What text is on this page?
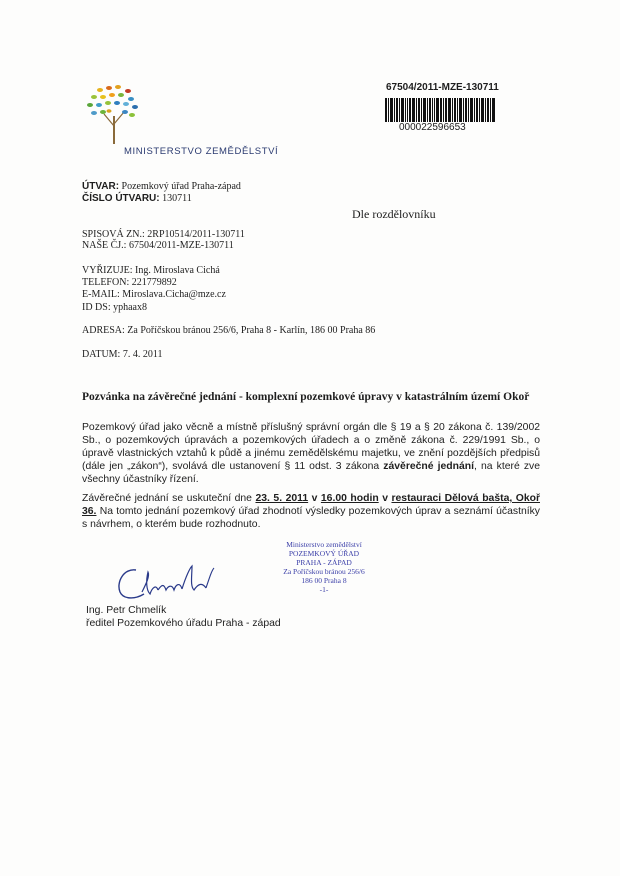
MINISTERSTVO ZEMĚDĚLSTVÍ
67504/2011-MZE-130711
000022596653
ÚTVAR: Pozemkový úřad Praha-západ
ČÍSLO ÚTVARU: 130711
Dle rozdělovníku
SPISOVÁ ZN.: 2RP10514/2011-130711
NAŠE ČJ.: 67504/2011-MZE-130711
VYŘIZUJE: Ing. Miroslava Cichá
TELEFON: 221779892
E-MAIL: Miroslava.Cicha@mze.cz
ID DS: yphaax8
ADRESA: Za Poříčskou bránou 256/6, Praha 8 - Karlín, 186 00 Praha 86
DATUM: 7. 4. 2011
Pozvánka na závěrečné jednání - komplexní pozemkové úpravy v katastrálním území Okoř
Pozemkový úřad jako věcně a místně příslušný správní orgán dle § 19 a § 20 zákona č. 139/2002 Sb., o pozemkových úpravách a pozemkových úřadech a o změně zákona č. 229/1991 Sb., o úpravě vlastnických vztahů k půdě a jinému zemědělskému majetku, ve znění pozdějších předpisů (dále jen „zákon“), svolává dle ustanovení § 11 odst. 3 zákona závěrečné jednání, na které zve všechny účastníky řízení.
Závěrečné jednání se uskuteční dne 23. 5. 2011 v 16.00 hodin v restauraci Dělová bašta, Okoř 36. Na tomto jednání pozemkový úřad zhodnotí výsledky pozemkových úprav a seznámí účastníky s návrhem, o kterém bude rozhodnuto.
Ministerstvo zemědělství
POZEMKOVÝ ÚŘAD
PRAHA - ZÁPAD
Za Poříčskou bránou 256/6
186 00 Praha 8
-1-
Ing. Petr Chmelík
ředitel Pozemkového úřadu Praha - západ
